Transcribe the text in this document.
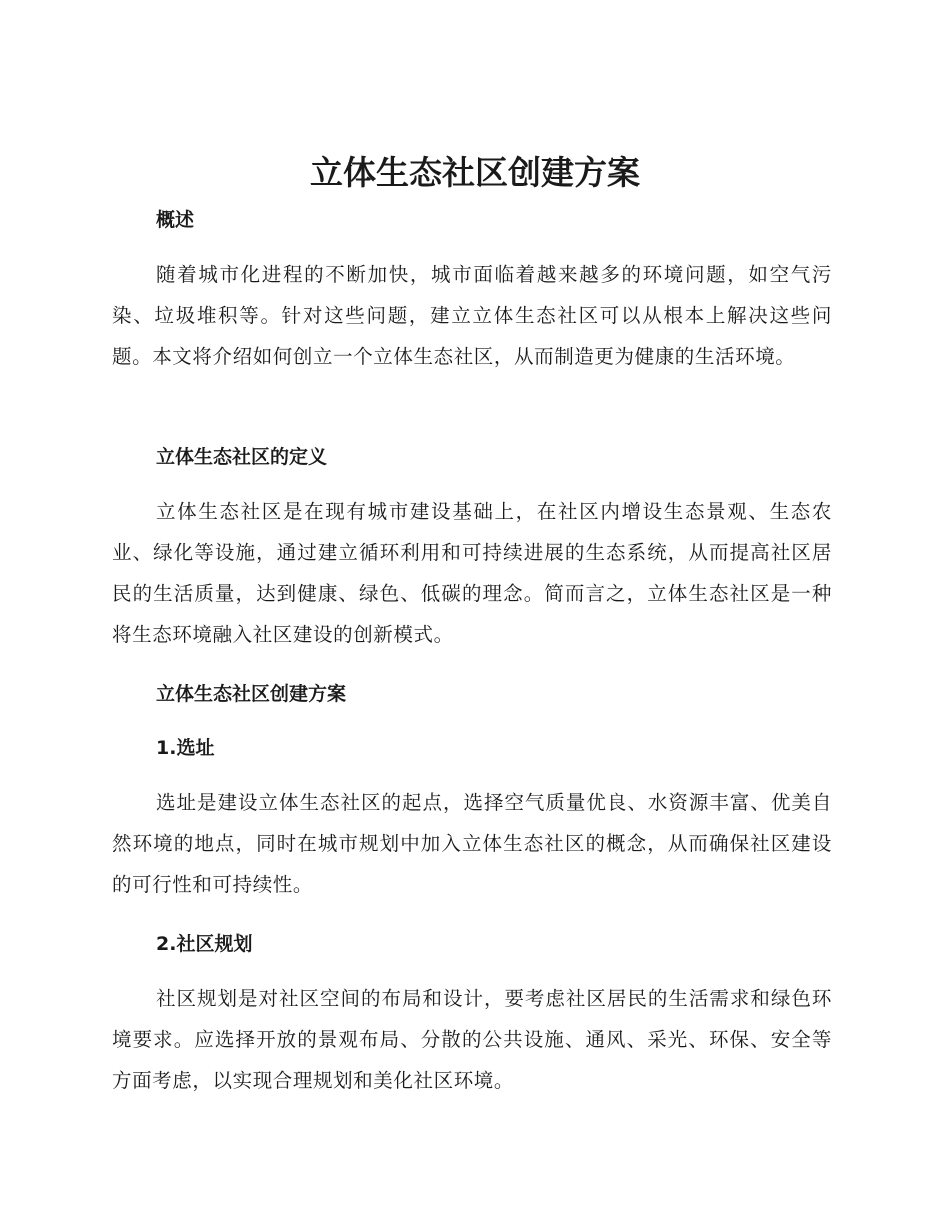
立体生态社区创建方案
概述

随着城市化进程的不断加快，城市面临着越来越多的环境问题，如空气污染、垃圾堆积等。针对这些问题，建立立体生态社区可以从根本上解决这些问题。本文将介绍如何创立一个立体生态社区，从而制造更为健康的生活环境。

立体生态社区的定义

立体生态社区是在现有城市建设基础上，在社区内增设生态景观、生态农业、绿化等设施，通过建立循环利用和可持续进展的生态系统，从而提高社区居民的生活质量，达到健康、绿色、低碳的理念。简而言之，立体生态社区是一种将生态环境融入社区建设的创新模式。

立体生态社区创建方案
1.选址

选址是建设立体生态社区的起点，选择空气质量优良、水资源丰富、优美自然环境的地点，同时在城市规划中加入立体生态社区的概念，从而确保社区建设的可行性和可持续性。

2.社区规划

社区规划是对社区空间的布局和设计，要考虑社区居民的生活需求和绿色环境要求。应选择开放的景观布局、分散的公共设施、通风、采光、环保、安全等方面考虑，以实现合理规划和美化社区环境。
